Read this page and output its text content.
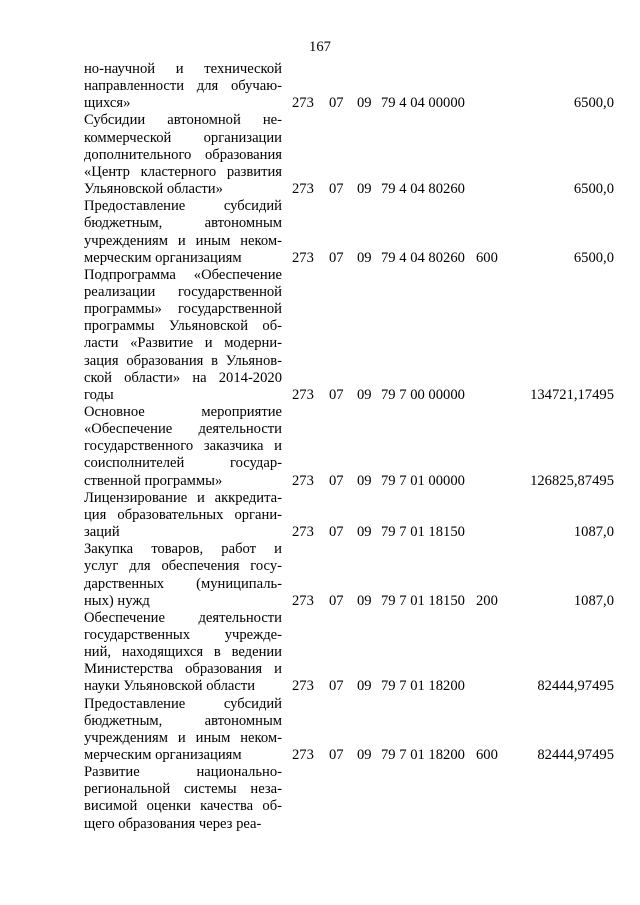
167
но-научной и технической
направленности для обучаю-
щихся»	273 07 09 79 4 04 00000	6500,0
Субсидии автономной не-
коммерческой организации
дополнительного образования
«Центр кластерного развития
Ульяновской области»	273 07 09 79 4 04 80260	6500,0
Предоставление субсидий
бюджетным, автономным
учреждениям и иным неком-
мерческим организациям	273 07 09 79 4 04 80260 600	6500,0
Подпрограмма «Обеспечение
реализации государственной
программы» государственной
программы Ульяновской об-
ласти «Развитие и модерни-
зация образования в Ульянов-
ской области» на 2014-2020
годы	273 07 09 79 7 00 00000	134721,17495
Основное мероприятие
«Обеспечение деятельности
государственного заказчика и
соисполнителей государ-
ственной программы»	273 07 09 79 7 01 00000	126825,87495
Лицензирование и аккредита-
ция образовательных органи-
заций	273 07 09 79 7 01 18150	1087,0
Закупка товаров, работ и
услуг для обеспечения госу-
дарственных (муниципаль-
ных) нужд	273 07 09 79 7 01 18150 200	1087,0
Обеспечение деятельности
государственных учрежде-
ний, находящихся в ведении
Министерства образования и
науки Ульяновской области	273 07 09 79 7 01 18200	82444,97495
Предоставление субсидий
бюджетным, автономным
учреждениям и иным неком-
мерческим организациям	273 07 09 79 7 01 18200 600	82444,97495
Развитие национально-
региональной системы неза-
висимой оценки качества об-
щего образования через реа-
